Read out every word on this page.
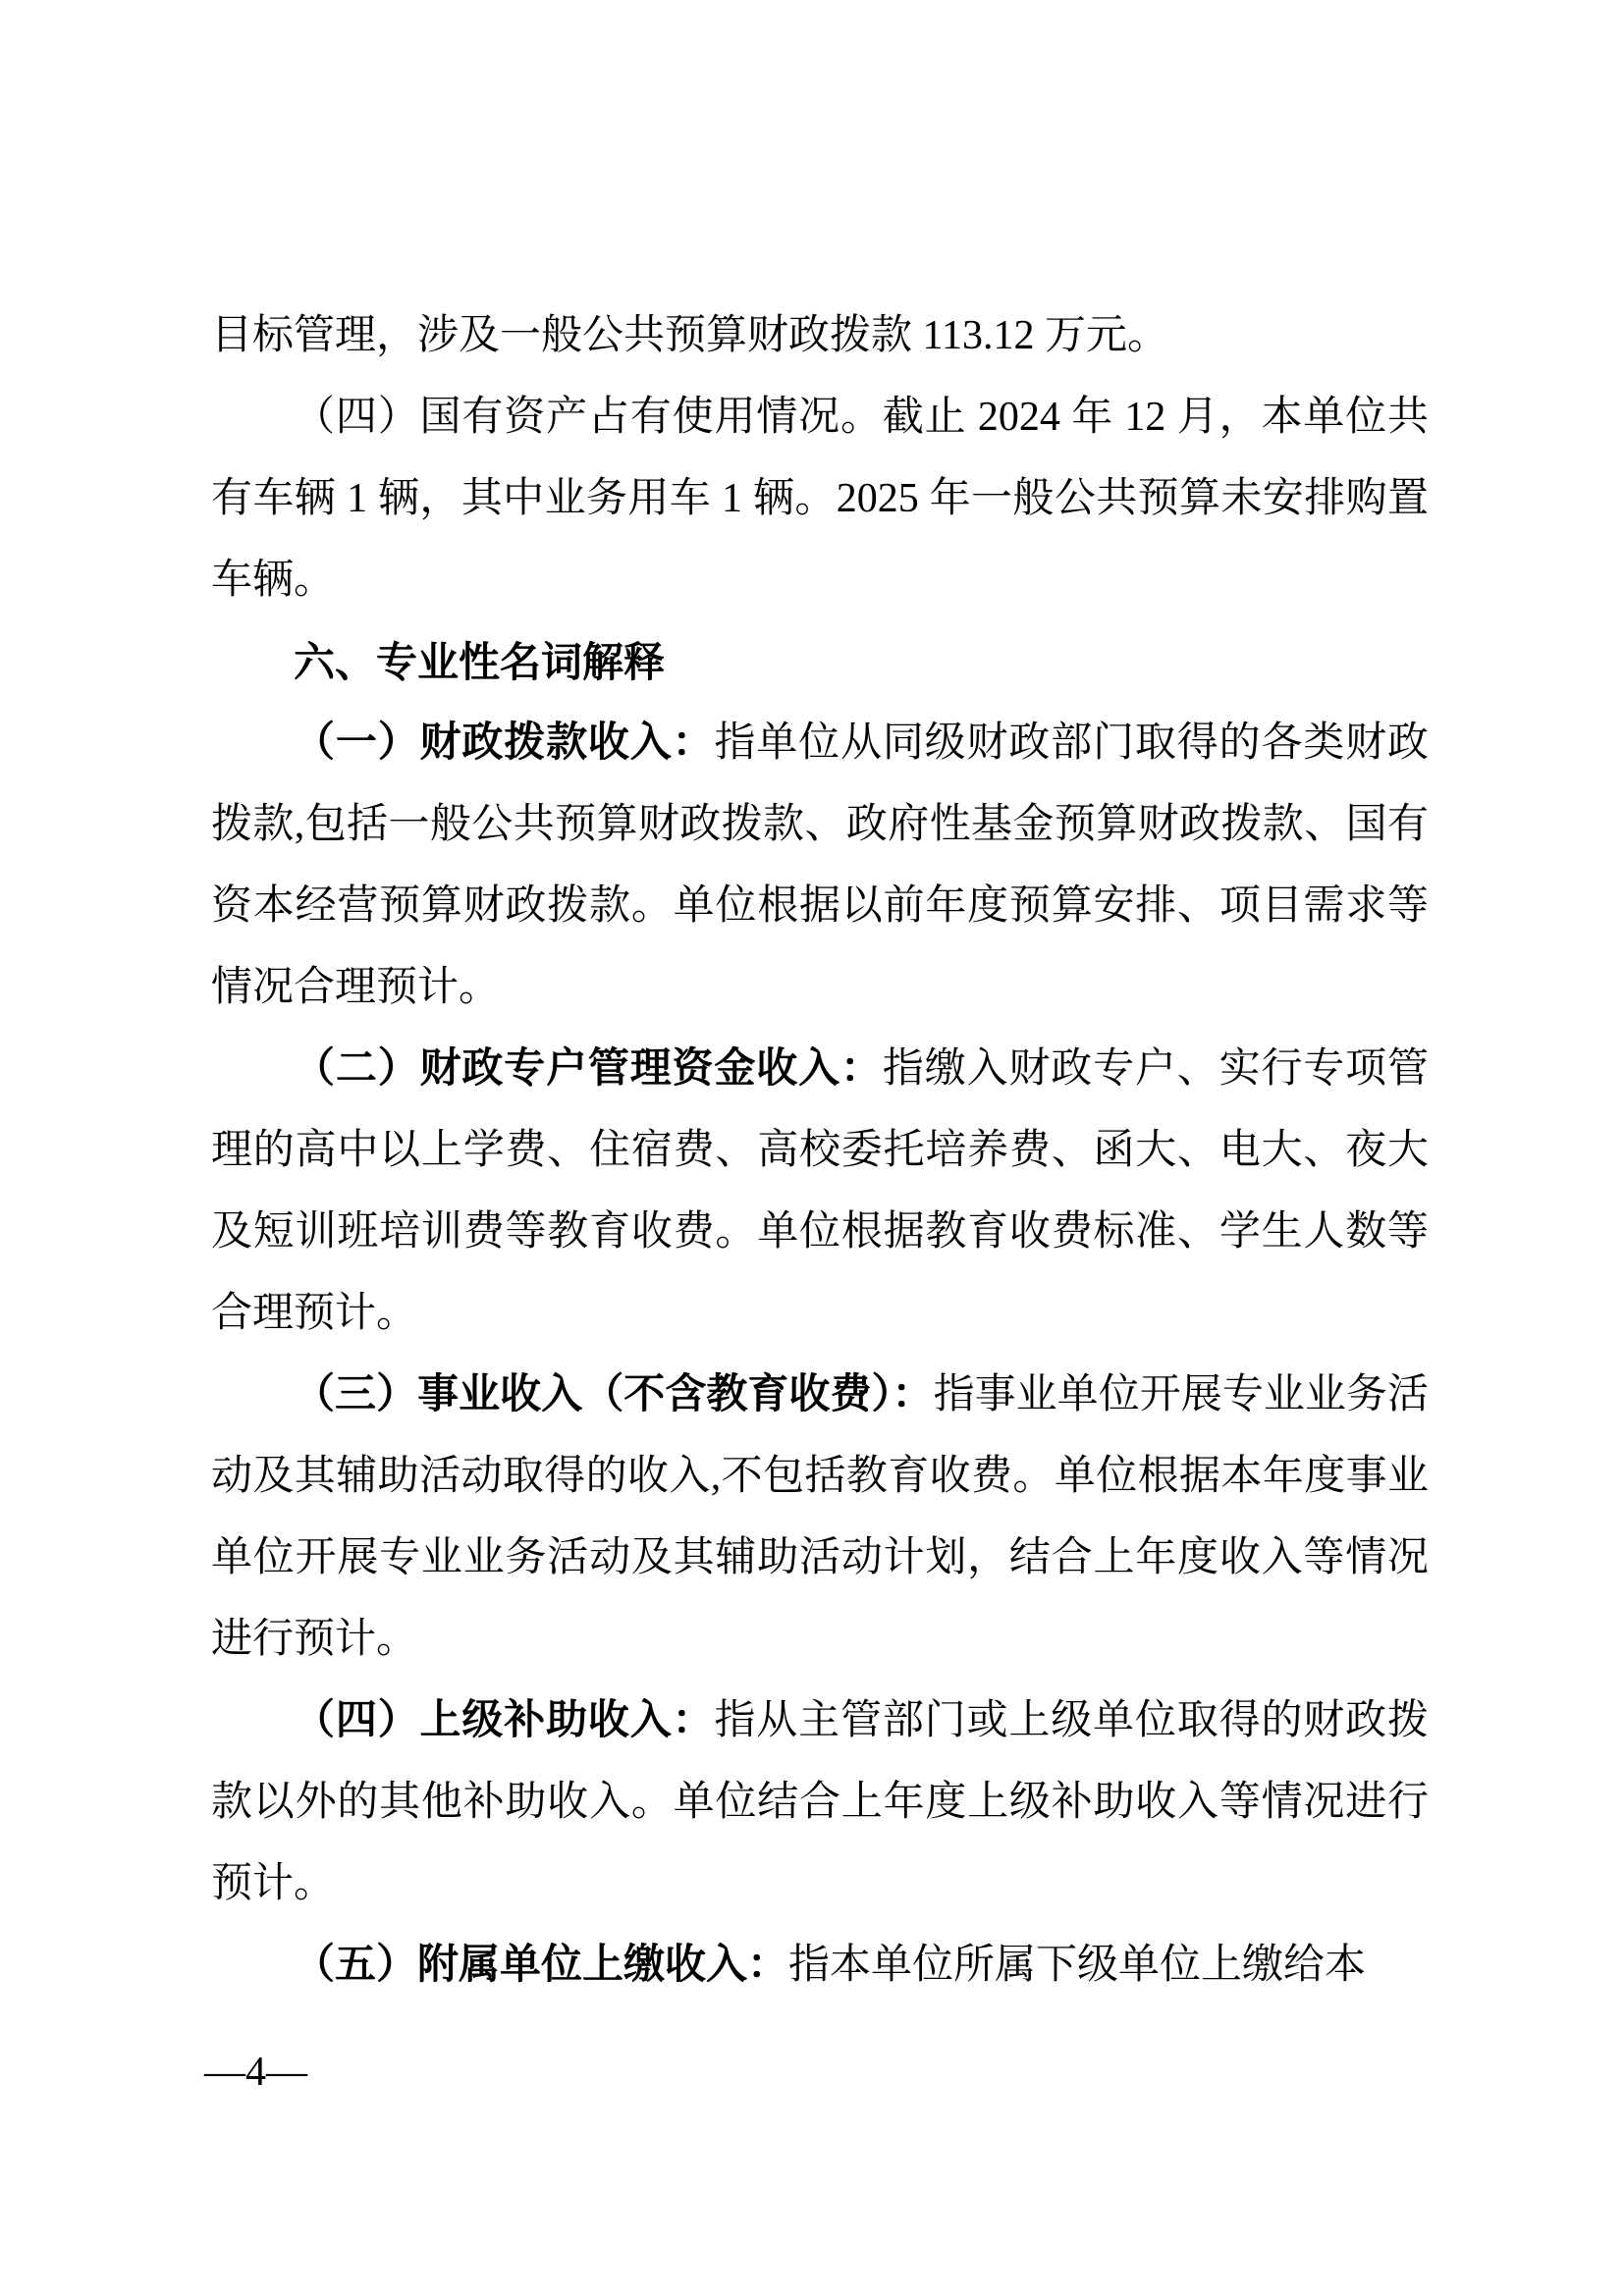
目标管理，涉及一般公共预算财政拨款 113.12 万元。

（四）国有资产占有使用情况。截止 2024 年 12 月，本单位共有车辆 1 辆，其中业务用车 1 辆。2025 年一般公共预算未安排购置车辆。

六、专业性名词解释

（一）财政拨款收入：指单位从同级财政部门取得的各类财政拨款,包括一般公共预算财政拨款、政府性基金预算财政拨款、国有资本经营预算财政拨款。单位根据以前年度预算安排、项目需求等情况合理预计。

（二）财政专户管理资金收入：指缴入财政专户、实行专项管理的高中以上学费、住宿费、高校委托培养费、函大、电大、夜大及短训班培训费等教育收费。单位根据教育收费标准、学生人数等合理预计。

（三）事业收入（不含教育收费）：指事业单位开展专业业务活动及其辅助活动取得的收入,不包括教育收费。单位根据本年度事业单位开展专业业务活动及其辅助活动计划，结合上年度收入等情况进行预计。

（四）上级补助收入：指从主管部门或上级单位取得的财政拨款以外的其他补助收入。单位结合上年度上级补助收入等情况进行预计。

（五）附属单位上缴收入：指本单位所属下级单位上缴给本

—4—
